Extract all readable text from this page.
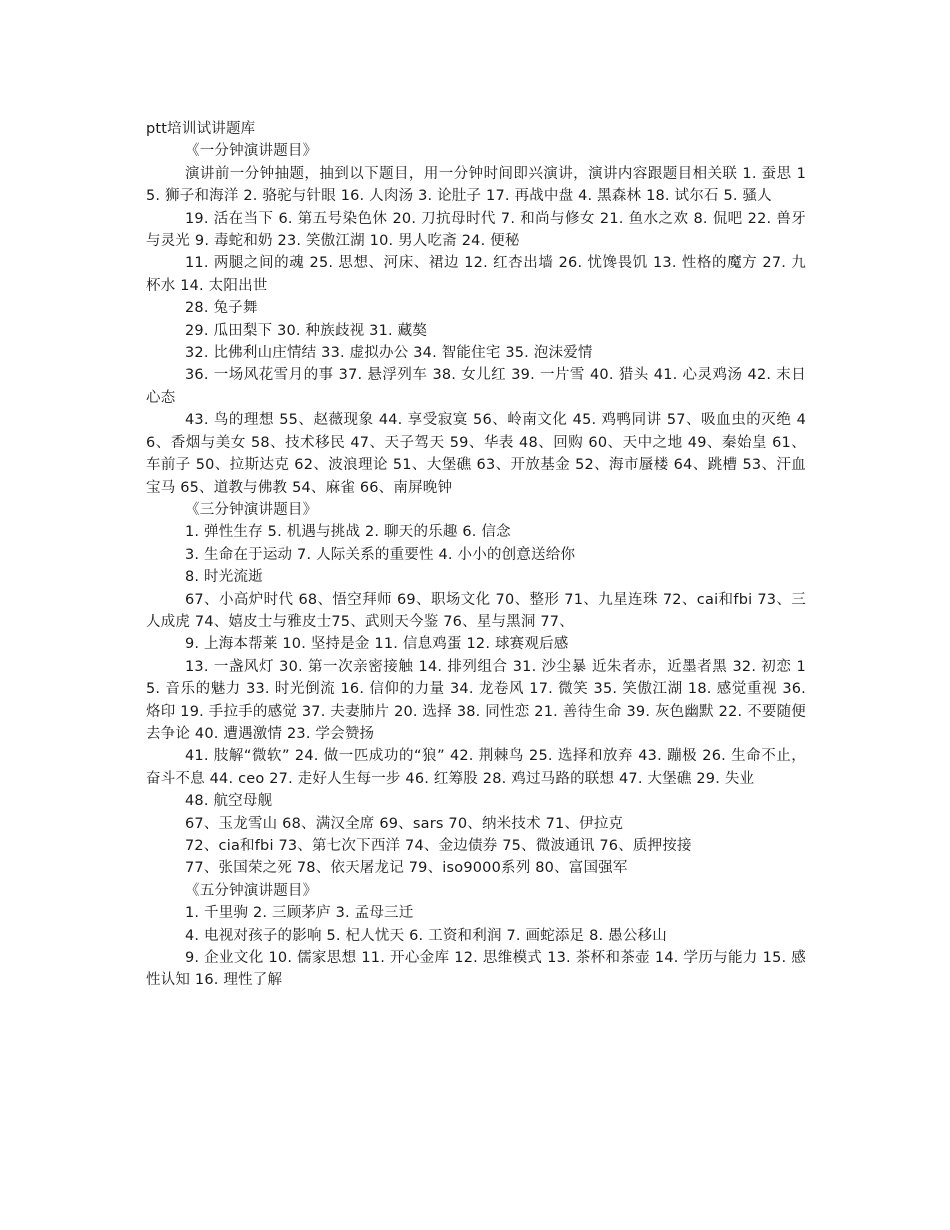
ptt培训试讲题库

《一分钟演讲题目》

演讲前一分钟抽题，抽到以下题目，用一分钟时间即兴演讲，演讲内容跟题目相关联 1. 蚕思 15. 狮子和海洋 2. 骆驼与针眼 16. 人肉汤 3. 论肚子 17. 再战中盘 4. 黑森林 18. 试尔石 5. 骚人

19. 活在当下 6. 第五号染色休 20. 刀抗母时代 7. 和尚与修女 21. 鱼水之欢 8. 侃吧 22. 兽牙与灵光 9. 毒蛇和奶 23. 笑傲江湖 10. 男人吃斋 24. 便秘

11. 两腿之间的魂 25. 思想、河床、裙边 12. 红杏出墙 26. 忧馋畏饥 13. 性格的魔方 27. 九杯水 14. 太阳出世

28. 兔子舞

29. 瓜田梨下 30. 种族歧视 31. 藏獒

32. 比佛利山庄情结 33. 虚拟办公 34. 智能住宅 35. 泡沫爱情

36. 一场风花雪月的事 37. 悬浮列车 38. 女儿红 39. 一片雪 40. 猎头 41. 心灵鸡汤 42. 末日心态

43. 鸟的理想 55、赵薇现象 44. 享受寂寞 56、岭南文化 45. 鸡鸭同讲 57、吸血虫的灭绝 46、香烟与美女 58、技术移民 47、天子驾天 59、华表 48、回购 60、天中之地 49、秦始皇 61、车前子 50、拉斯达克 62、波浪理论 51、大堡礁 63、开放基金 52、海市蜃楼 64、跳槽 53、汗血宝马 65、道教与佛教 54、麻雀 66、南屏晚钟

《三分钟演讲题目》

1. 弹性生存 5. 机遇与挑战 2. 聊天的乐趣 6. 信念

3. 生命在于运动 7. 人际关系的重要性 4. 小小的创意送给你

8. 时光流逝

67、小高炉时代 68、悟空拜师 69、职场文化 70、整形 71、九星连珠 72、cai和fbi 73、三人成虎 74、嬉皮士与雅皮士75、武则天今鉴 76、星与黑洞 77、

9. 上海本帮莱 10. 坚持是金 11. 信息鸡蛋 12. 球赛观后感

13. 一盏风灯 30. 第一次亲密接触 14. 排列组合 31. 沙尘暴 近朱者赤，近墨者黑 32. 初恋 15. 音乐的魅力 33. 时光倒流 16. 信仰的力量 34. 龙卷风 17. 微笑 35. 笑傲江湖 18. 感觉重视 36. 烙印 19. 手拉手的感觉 37. 夫妻肺片 20. 选择 38. 同性恋 21. 善待生命 39. 灰色幽默 22. 不要随便去争论 40. 遭遇激情 23. 学会赞扬

41. 肢解“微软” 24. 做一匹成功的“狼” 42. 荆棘鸟 25. 选择和放弃 43. 蹦极 26. 生命不止，奋斗不息 44. ceo 27. 走好人生每一步 46. 红筹股 28. 鸡过马路的联想 47. 大堡礁 29. 失业

48. 航空母舰

67、玉龙雪山 68、满汉全席 69、sars 70、纳米技术 71、伊拉克

72、cia和fbi 73、第七次下西洋 74、金边债券 75、微波通讯 76、质押按接

77、张国荣之死 78、依天屠龙记 79、iso9000系列 80、富国强军

《五分钟演讲题目》

1. 千里驹 2. 三顾茅庐 3. 孟母三迁

4. 电视对孩子的影响 5. 杞人忧天 6. 工资和利润 7. 画蛇添足 8. 愚公移山

9. 企业文化 10. 儒家思想 11. 开心金库 12. 思维模式 13. 茶杯和茶壶 14. 学历与能力 15. 感性认知 16. 理性了解
